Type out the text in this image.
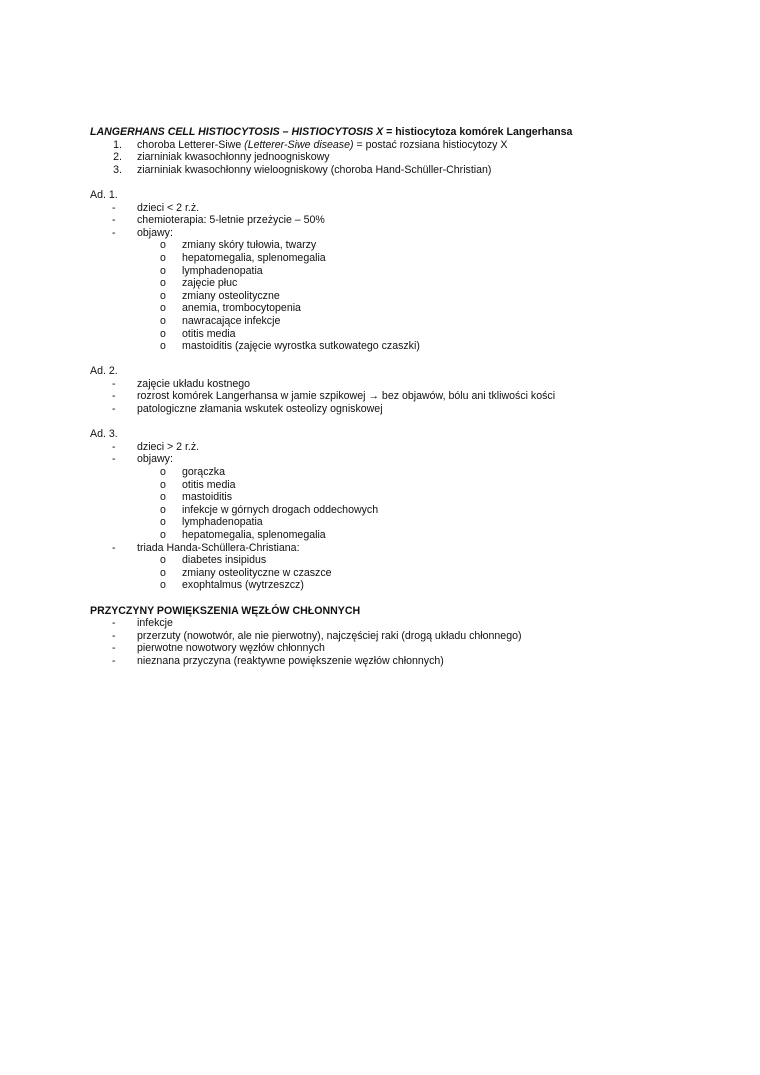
LANGERHANS CELL HISTIOCYTOSIS – HISTIOCYTOSIS X = histiocytoza komórek Langerhansa
1. choroba Letterer-Siwe (Letterer-Siwe disease) = postać rozsiana histiocytozy X
2. ziarniniak kwasochłonny jednoogniskowy
3. ziarniniak kwasochłonny wieloogniskowy (choroba Hand-Schüller-Christian)
Ad. 1.
- dzieci < 2 r.ż.
- chemioterapia: 5-letnie przeżycie – 50%
- objawy:
o zmiany skóry tułowia, twarzy
o hepatomegalia, splenomegalia
o lymphadenopatia
o zajęcie płuc
o zmiany osteolityczne
o anemia, trombocytopenia
o nawracające infekcje
o otitis media
o mastoiditis (zajęcie wyrostka sutkowatego czaszki)
Ad. 2.
- zajęcie układu kostnego
- rozrost komórek Langerhansa w jamie szpikowej → bez objawów, bólu ani tkliwości kości
- patologiczne złamania wskutek osteolizy ogniskowej
Ad. 3.
- dzieci > 2 r.ż.
- objawy:
o gorączka
o otitis media
o mastoiditis
o infekcje w górnych drogach oddechowych
o lymphadenopatia
o hepatomegalia, splenomegalia
- triada Handa-Schüllera-Christiana:
o diabetes insipidus
o zmiany osteolityczne w czaszce
o exophtalmus (wytrzeszcz)
PRZYCZYNY POWIĘKSZENIA WĘZŁÓW CHŁONNYCH
- infekcje
- przerzuty (nowotwór, ale nie pierwotny), najczęściej raki (drogą układu chłonnego)
- pierwotne nowotwory węzłów chłonnych
- nieznana przyczyna (reaktywne powiększenie węzłów chłonnych)
